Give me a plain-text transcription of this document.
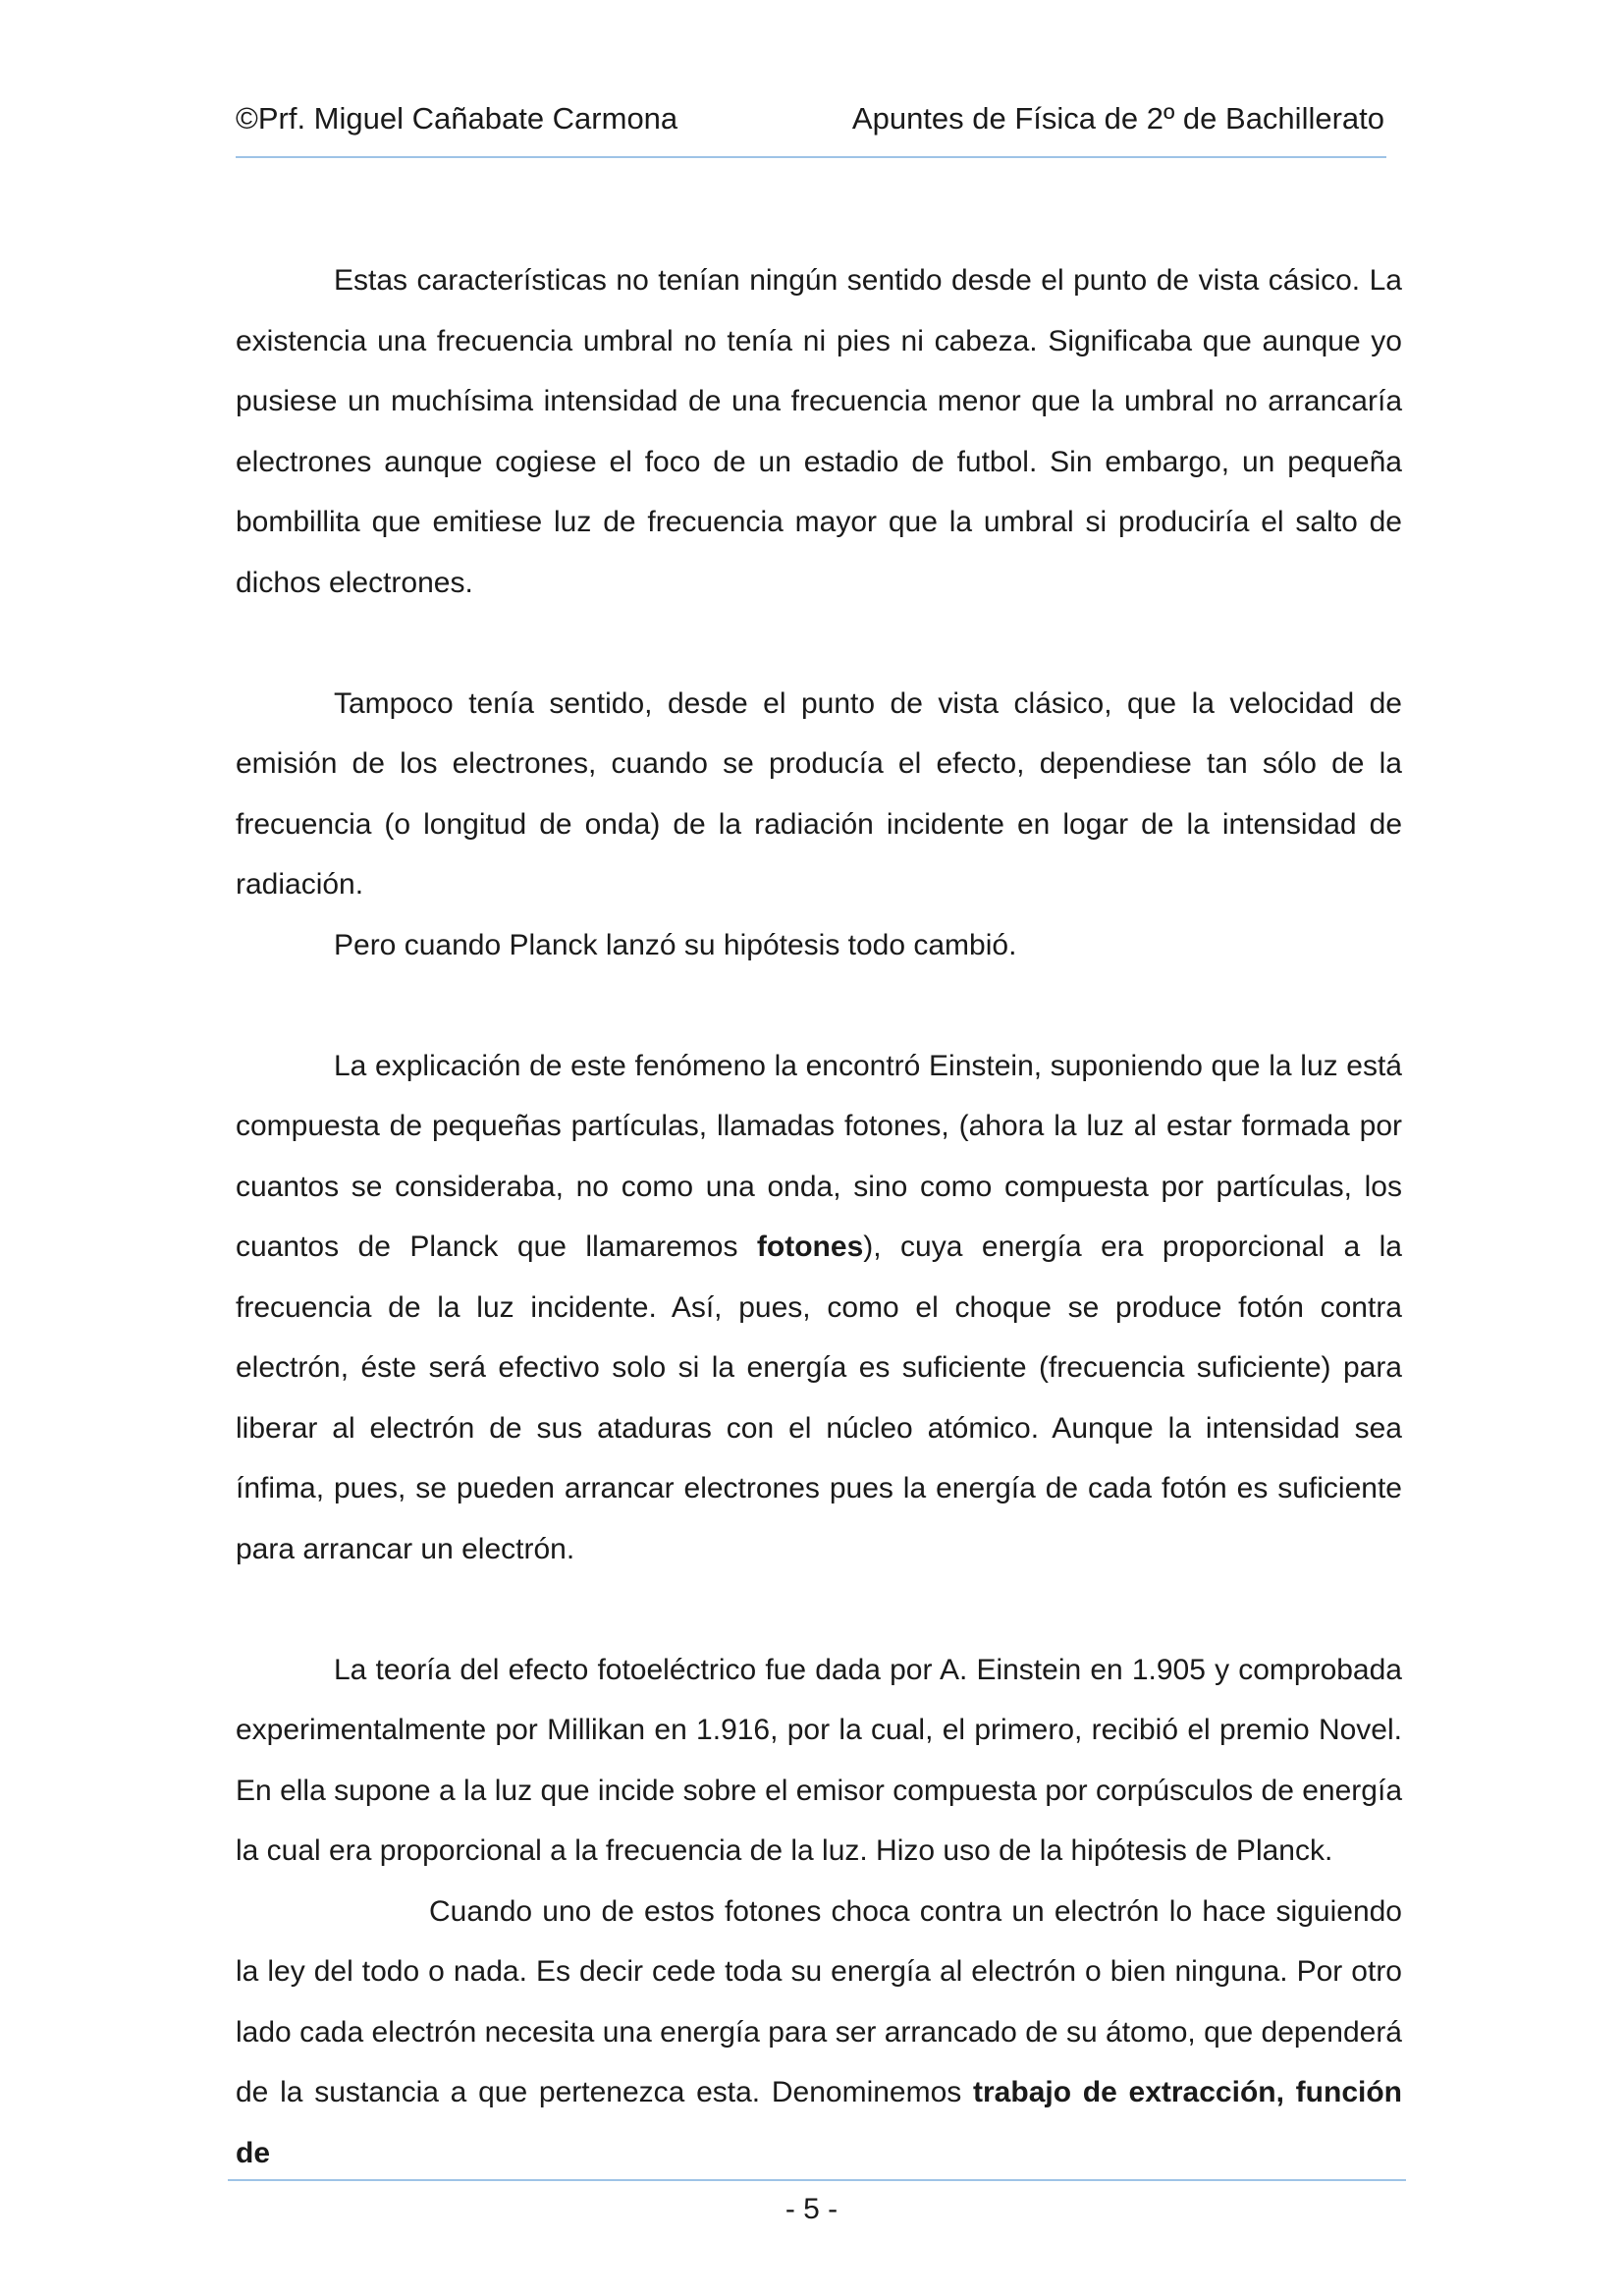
©Prf. Miguel Cañabate Carmona	Apuntes de Física de 2º de Bachillerato

Estas características no tenían ningún sentido desde el punto de vista cásico. La existencia una frecuencia umbral no tenía ni pies ni cabeza. Significaba que aunque yo pusiese un muchísima intensidad de una frecuencia menor que la umbral no arrancaría electrones aunque cogiese el foco de un estadio de futbol. Sin embargo, un pequeña bombillita que emitiese luz de frecuencia mayor que la umbral si produciría el salto de dichos electrones.

Tampoco tenía sentido, desde el punto de vista clásico, que la velocidad de emisión de los electrones, cuando se producía el efecto, dependiese tan sólo de la frecuencia (o longitud de onda) de la radiación incidente en logar de la intensidad de radiación.

Pero cuando Planck lanzó su hipótesis todo cambió.

La explicación de este fenómeno la encontró Einstein, suponiendo que la luz está compuesta de pequeñas partículas, llamadas fotones, (ahora la luz al estar formada por cuantos se consideraba, no como una onda, sino como compuesta por partículas, los cuantos de Planck que llamaremos fotones), cuya energía era proporcional a la frecuencia de la luz incidente. Así, pues, como el choque se produce fotón contra electrón, éste será efectivo solo si la energía es suficiente (frecuencia suficiente) para liberar al electrón de sus ataduras con el núcleo atómico. Aunque la intensidad sea ínfima, pues, se pueden arrancar electrones pues la energía de cada fotón es suficiente para arrancar un electrón.

La teoría del efecto fotoeléctrico fue dada por A. Einstein en 1.905 y comprobada experimentalmente por Millikan en 1.916, por la cual, el primero, recibió el premio Novel. En ella supone a la luz que incide sobre el emisor compuesta por corpúsculos de energía la cual era proporcional a la frecuencia de la luz. Hizo uso de la hipótesis de Planck.

Cuando uno de estos fotones choca contra un electrón lo hace siguiendo la ley del todo o nada. Es decir cede toda su energía al electrón o bien ninguna. Por otro lado cada electrón necesita una energía para ser arrancado de su átomo, que dependerá de la sustancia a que pertenezca esta. Denominemos trabajo de extracción, función de

- 5 -
